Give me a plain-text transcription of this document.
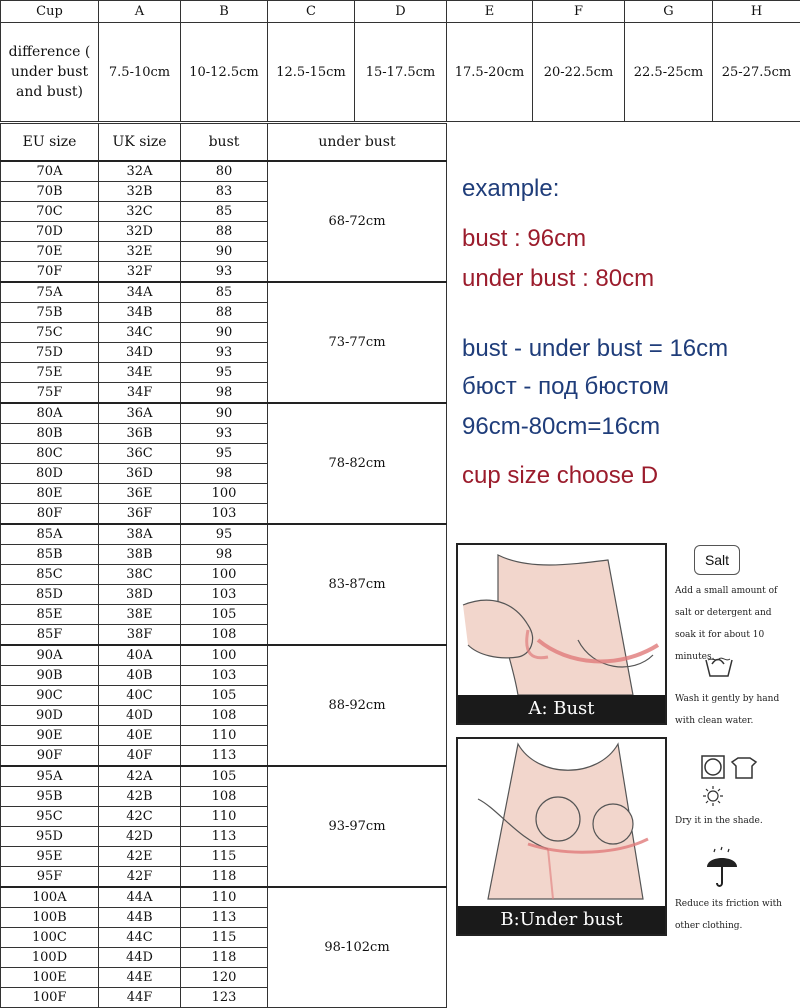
Cup	A	B	C	D	E	F	G	H
difference ( under bust and bust)	7.5-10cm	10-12.5cm	12.5-15cm	15-17.5cm	17.5-20cm	20-22.5cm	22.5-25cm	25-27.5cm
EU size	UK size	bust	under bust
70A	32A	80	68-72cm
70B	32B	83	
70C	32C	85	
70D	32D	88	
70E	32E	90	
70F	32F	93	
75A	34A	85	73-77cm
75B	34B	88	
75C	34C	90	
75D	34D	93	
75E	34E	95	
75F	34F	98	
80A	36A	90	78-82cm
80B	36B	93	
80C	36C	95	
80D	36D	98	
80E	36E	100	
80F	36F	103	
85A	38A	95	83-87cm
85B	38B	98	
85C	38C	100	
85D	38D	103	
85E	38E	105	
85F	38F	108	
90A	40A	100	88-92cm
90B	40B	103	
90C	40C	105	
90D	40D	108	
90E	40E	110	
90F	40F	113	
95A	42A	105	93-97cm
95B	42B	108	
95C	42C	110	
95D	42D	113	
95E	42E	115	
95F	42F	118	
100A	44A	110	98-102cm
100B	44B	113	
100C	44C	115	
100D	44D	118	
100E	44E	120	
100F	44F	123	
example:
bust : 96cm
under bust : 80cm
bust - under bust = 16cm
бюст - под бюстом
96cm-80cm=16cm
cup size choose D
A: Bust
B:Under bust
Salt
Add a small amount of salt or detergent and soak it for about 10 minutes.
Wash it gently by hand with clean water.
Dry it in the shade.
Reduce its friction with other clothing.
